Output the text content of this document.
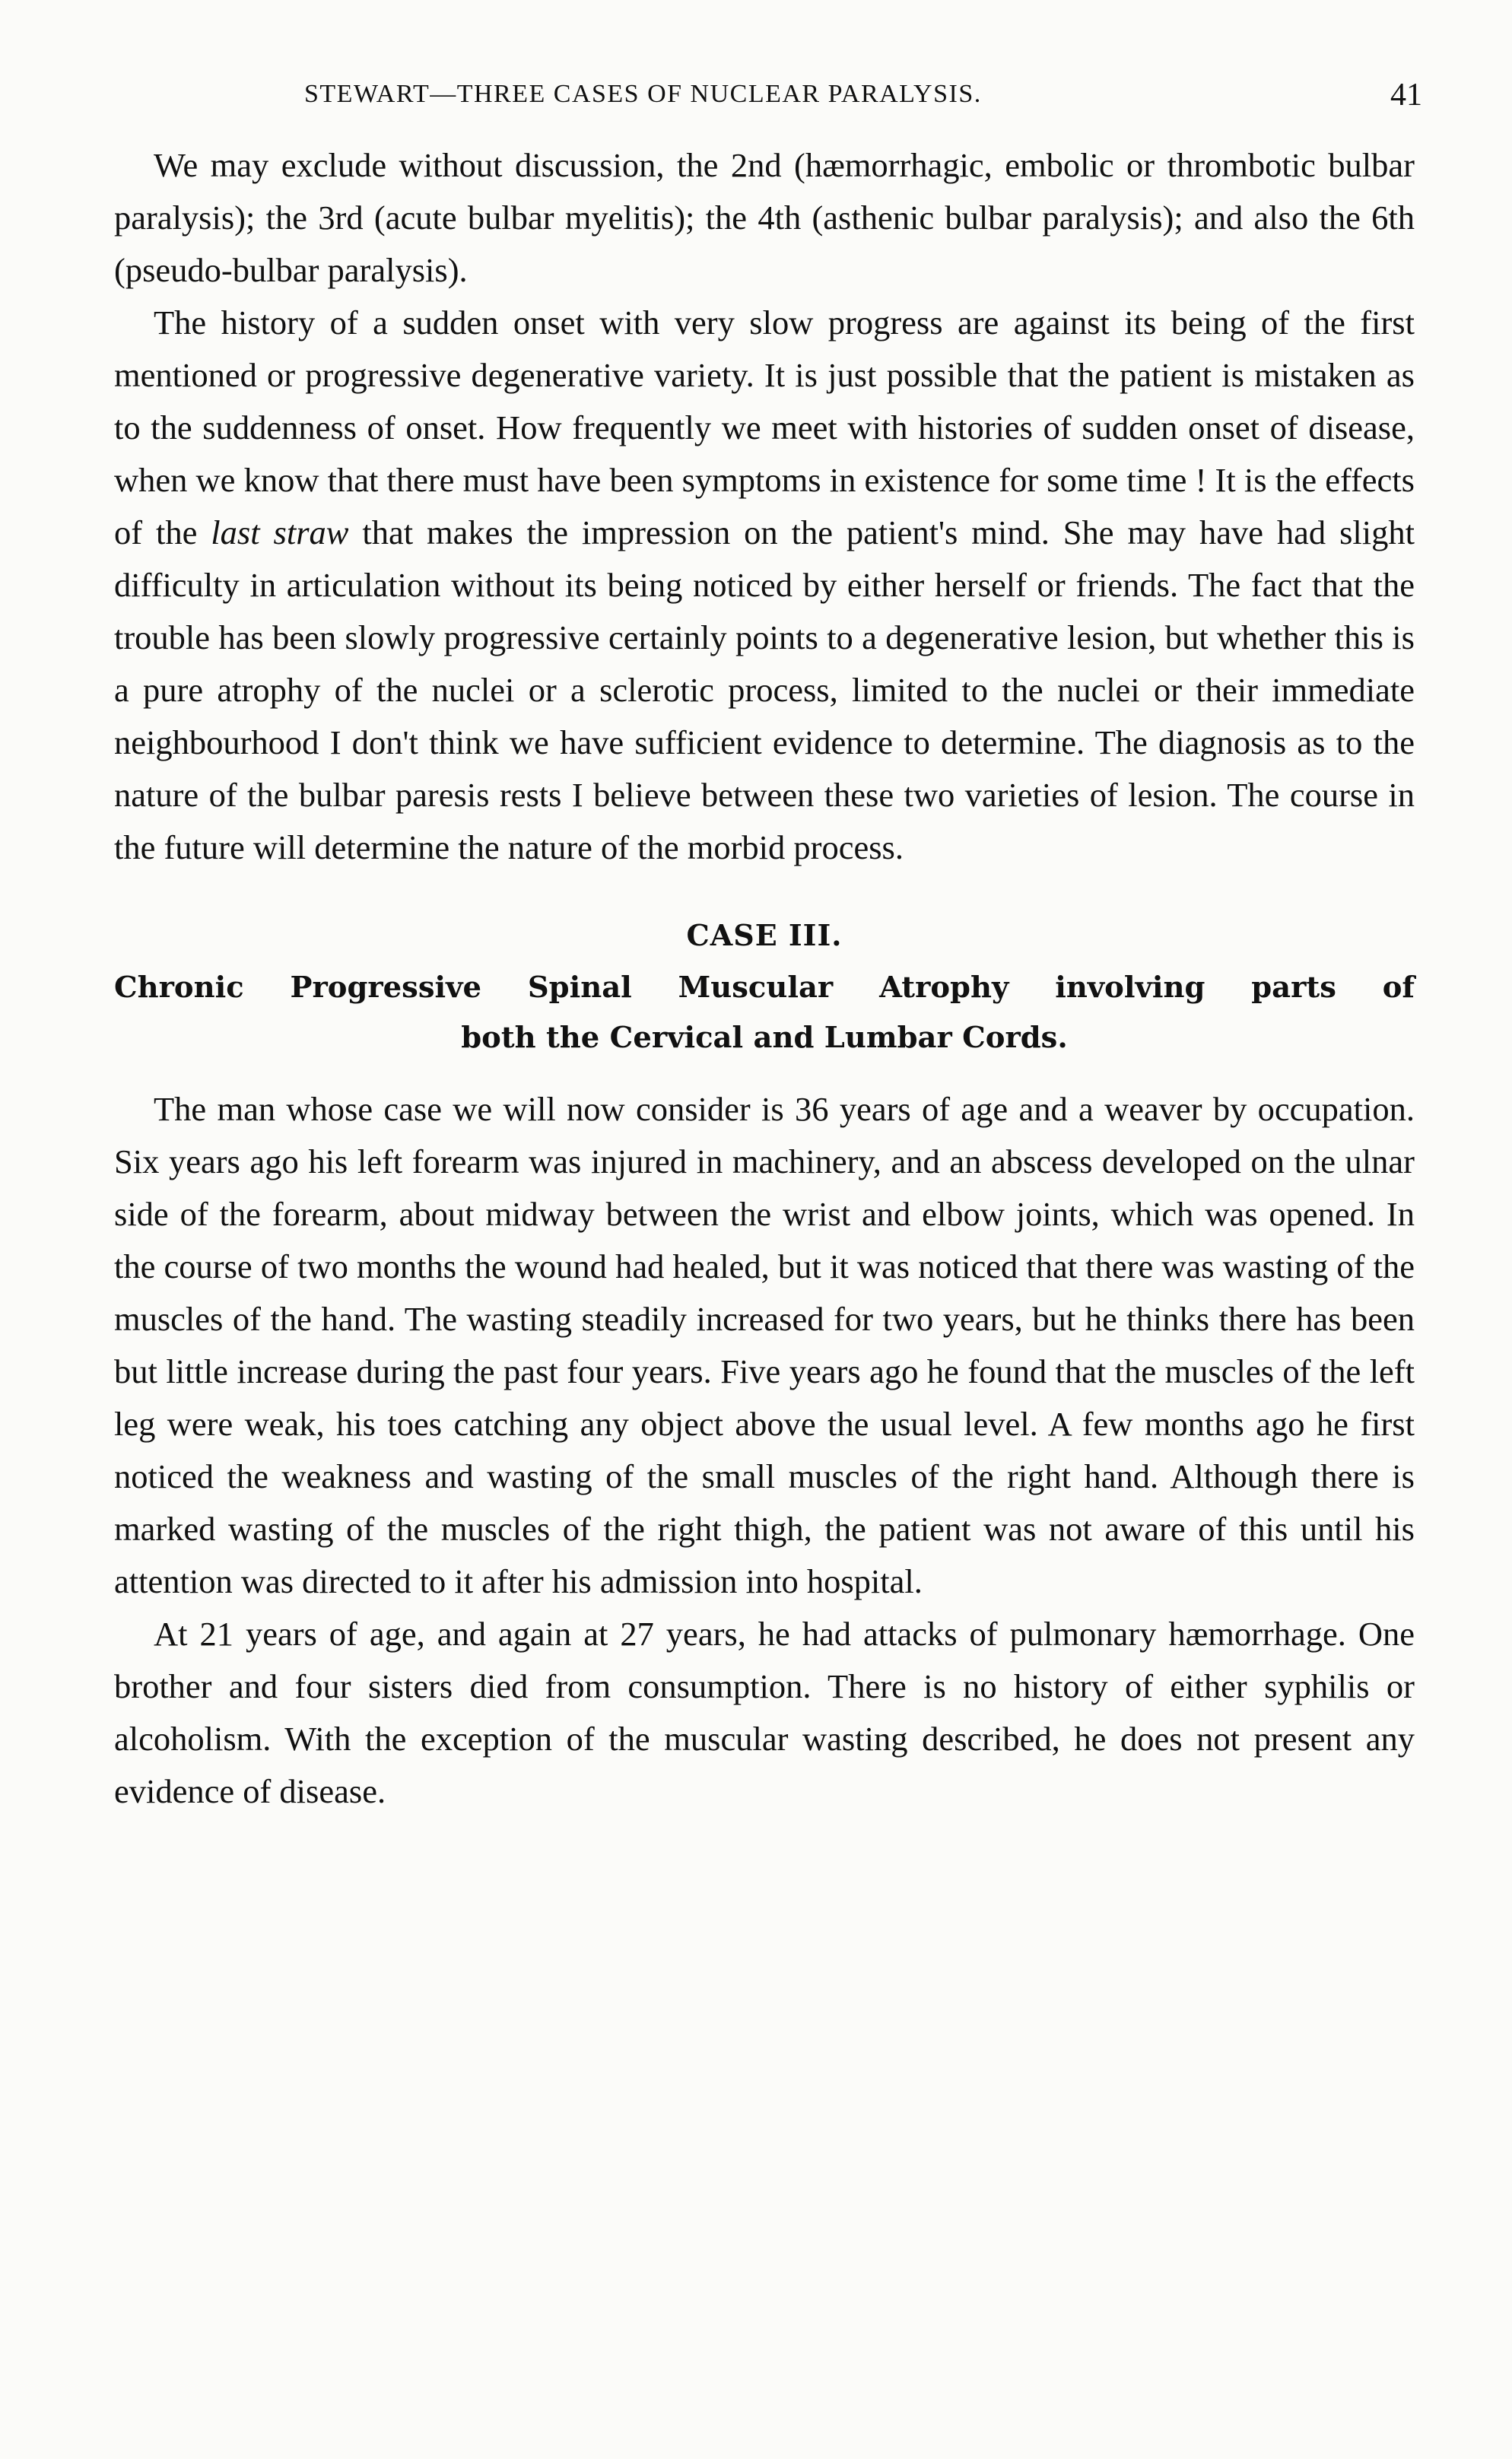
STEWART—THREE CASES OF NUCLEAR PARALYSIS.	41

We may exclude without discussion, the 2nd (hæmorrhagic, embolic or thrombotic bulbar paralysis); the 3rd (acute bulbar myelitis); the 4th (asthenic bulbar paralysis); and also the 6th (pseudo-bulbar paralysis).

The history of a sudden onset with very slow progress are against its being of the first mentioned or progressive degenerative variety. It is just possible that the patient is mistaken as to the suddenness of onset. How frequently we meet with histories of sudden onset of disease, when we know that there must have been symptoms in existence for some time ! It is the effects of the last straw that makes the impression on the patient's mind. She may have had slight difficulty in articulation without its being noticed by either herself or friends. The fact that the trouble has been slowly progressive certainly points to a degenerative lesion, but whether this is a pure atrophy of the nuclei or a sclerotic process, limited to the nuclei or their immediate neighbourhood I don't think we have sufficient evidence to determine. The diagnosis as to the nature of the bulbar paresis rests I believe between these two varieties of lesion. The course in the future will determine the nature of the morbid process.

CASE III.
Chronic Progressive Spinal Muscular Atrophy involving parts of
both the Cervical and Lumbar Cords.

The man whose case we will now consider is 36 years of age and a weaver by occupation. Six years ago his left forearm was injured in machinery, and an abscess developed on the ulnar side of the forearm, about midway between the wrist and elbow joints, which was opened. In the course of two months the wound had healed, but it was noticed that there was wasting of the muscles of the hand. The wasting steadily increased for two years, but he thinks there has been but little increase during the past four years. Five years ago he found that the muscles of the left leg were weak, his toes catching any object above the usual level. A few months ago he first noticed the weakness and wasting of the small muscles of the right hand. Although there is marked wasting of the muscles of the right thigh, the patient was not aware of this until his attention was directed to it after his admission into hospital.

At 21 years of age, and again at 27 years, he had attacks of pulmonary hæmorrhage. One brother and four sisters died from consumption. There is no history of either syphilis or alcoholism. With the exception of the muscular wasting described, he does not present any evidence of disease.
